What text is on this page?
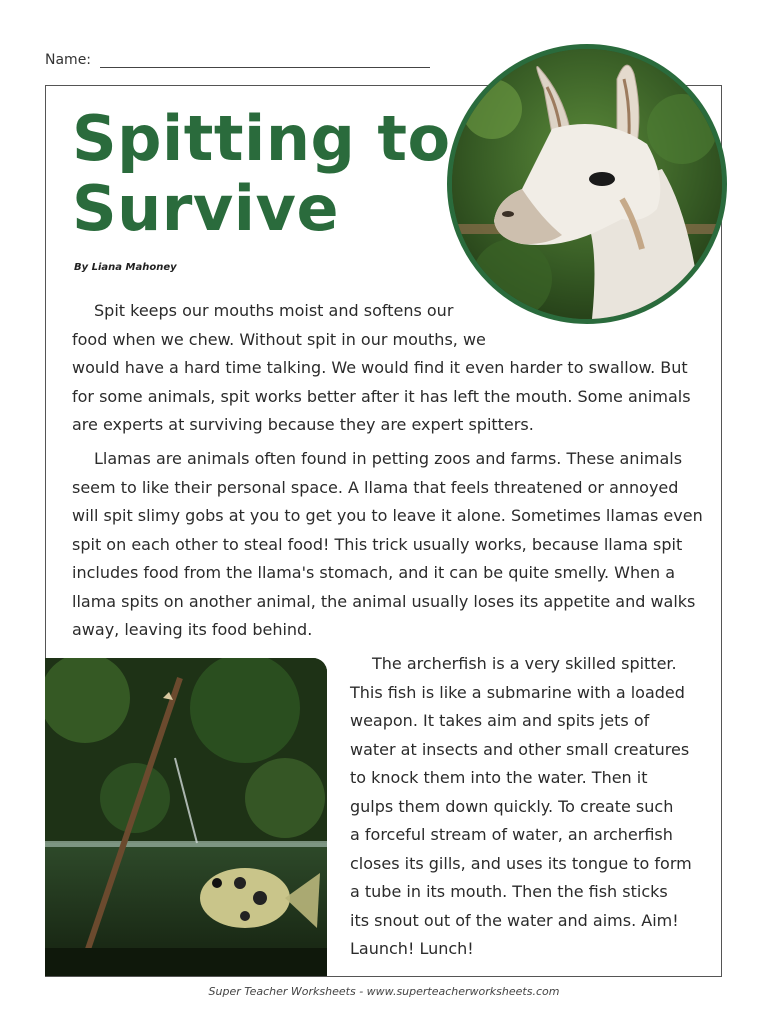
Name:
Spitting to
Survive
By Liana Mahoney

Spit keeps our mouths moist and softens our
food when we chew. Without spit in our mouths, we
would have a hard time talking. We would find it even harder to swallow. But
for some animals, spit works better after it has left the mouth. Some animals
are experts at surviving because they are expert spitters.

Llamas are animals often found in petting zoos and farms. These animals
seem to like their personal space. A llama that feels threatened or annoyed
will spit slimy gobs at you to get you to leave it alone. Sometimes llamas even
spit on each other to steal food! This trick usually works, because llama spit
includes food from the llama's stomach, and it can be quite smelly. When a
llama spits on another animal, the animal usually loses its appetite and walks
away, leaving its food behind.

The archerfish is a very skilled spitter.
This fish is like a submarine with a loaded
weapon. It takes aim and spits jets of
water at insects and other small creatures
to knock them into the water. Then it
gulps them down quickly. To create such
a forceful stream of water, an archerfish
closes its gills, and uses its tongue to form
a tube in its mouth. Then the fish sticks
its snout out of the water and aims. Aim!
Launch! Lunch!

Super Teacher Worksheets - www.superteacherworksheets.com
